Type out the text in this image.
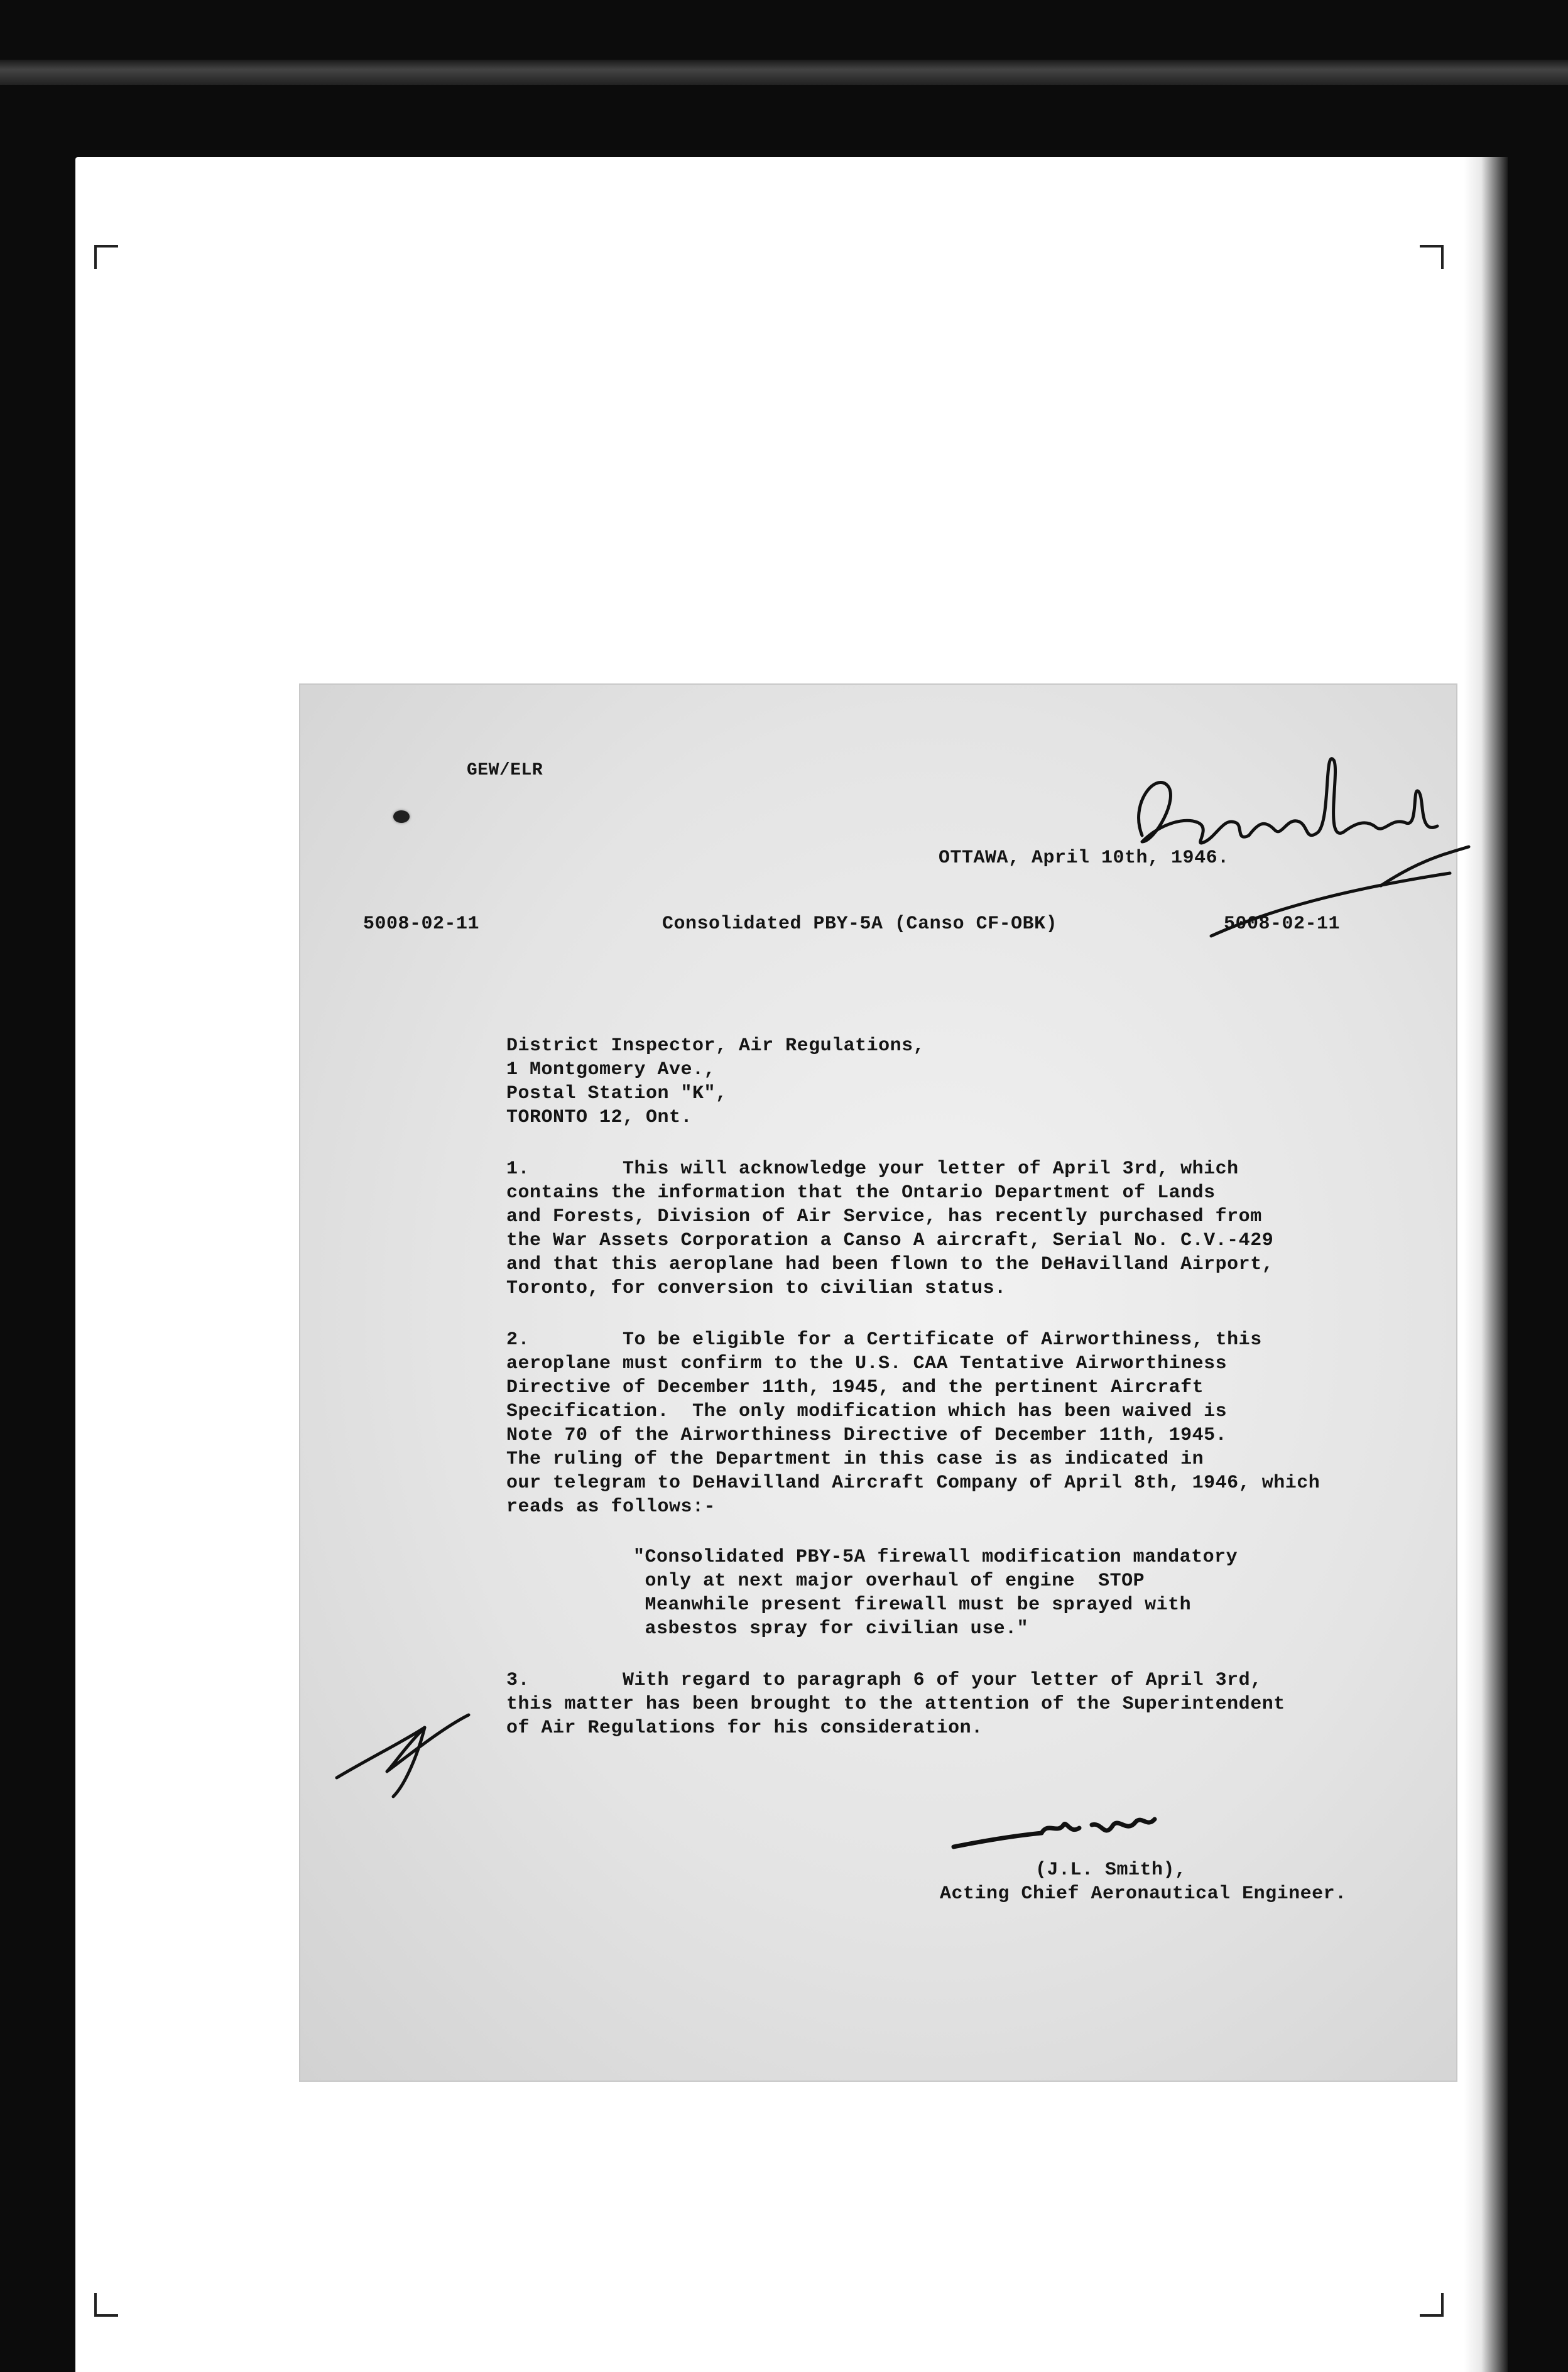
GEW/ELR
OTTAWA, April 10th, 1946.
5008-02-11	Consolidated PBY-5A (Canso CF-OBK)	5008-02-11
District Inspector, Air Regulations,
1 Montgomery Ave.,
Postal Station "K",
TORONTO 12, Ont.
1.        This will acknowledge your letter of April 3rd, which
contains the information that the Ontario Department of Lands
and Forests, Division of Air Service, has recently purchased from
the War Assets Corporation a Canso A aircraft, Serial No. C.V.-429
and that this aeroplane had been flown to the DeHavilland Airport,
Toronto, for conversion to civilian status.
2.        To be eligible for a Certificate of Airworthiness, this
aeroplane must confirm to the U.S. CAA Tentative Airworthiness
Directive of December 11th, 1945, and the pertinent Aircraft
Specification.  The only modification which has been waived is
Note 70 of the Airworthiness Directive of December 11th, 1945.
The ruling of the Department in this case is as indicated in
our telegram to DeHavilland Aircraft Company of April 8th, 1946, which
reads as follows:-
"Consolidated PBY-5A firewall modification mandatory
only at next major overhaul of engine  STOP
Meanwhile present firewall must be sprayed with
asbestos spray for civilian use."
3.        With regard to paragraph 6 of your letter of April 3rd,
this matter has been brought to the attention of the Superintendent
of Air Regulations for his consideration.
(J.L. Smith),
Acting Chief Aeronautical Engineer.
